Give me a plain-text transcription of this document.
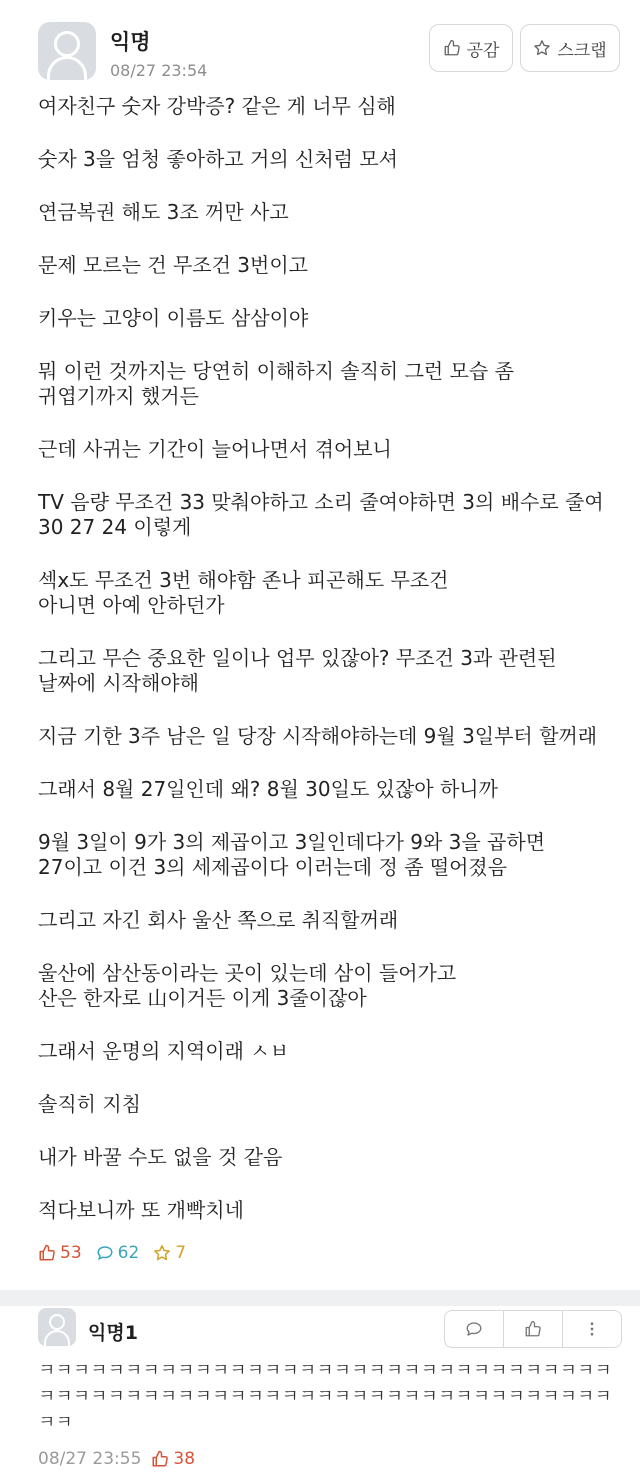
익명
08/27 23:54
공감	스크랩

여자친구 숫자 강박증? 같은 게 너무 심해

숫자 3을 엄청 좋아하고 거의 신처럼 모셔

연금복권 해도 3조 꺼만 사고

문제 모르는 건 무조건 3번이고

키우는 고양이 이름도 삼삼이야

뭐 이런 것까지는 당연히 이해하지 솔직히 그런 모습 좀
귀엽기까지 했거든

근데 사귀는 기간이 늘어나면서 겪어보니

TV 음량 무조건 33 맞춰야하고 소리 줄여야하면 3의 배수로 줄여
30 27 24 이렇게

섹x도 무조건 3번 해야함 존나 피곤해도 무조건
아니면 아예 안하던가

그리고 무슨 중요한 일이나 업무 있잖아? 무조건 3과 관련된
날짜에 시작해야해

지금 기한 3주 남은 일 당장 시작해야하는데 9월 3일부터 할꺼래

그래서 8월 27일인데 왜? 8월 30일도 있잖아 하니까

9월 3일이 9가 3의 제곱이고 3일인데다가 9와 3을 곱하면
27이고 이건 3의 세제곱이다 이러는데 정 좀 떨어졌음

그리고 자긴 회사 울산 쪽으로 취직할꺼래

울산에 삼산동이라는 곳이 있는데 삼이 들어가고
산은 한자로 山이거든 이게 3줄이잖아

그래서 운명의 지역이래 ㅅㅂ

솔직히 지침

내가 바꿀 수도 없을 것 같음

적다보니까 또 개빡치네

53 62 7
익명1
ㅋㅋㅋㅋㅋㅋㅋㅋㅋㅋㅋㅋㅋㅋㅋㅋㅋㅋㅋㅋㅋㅋㅋㅋㅋㅋㅋㅋㅋㅋㅋㅋㅋㅋㅋㅋㅋㅋㅋㅋㅋㅋㅋㅋㅋㅋㅋㅋㅋㅋㅋㅋㅋㅋㅋㅋㅋㅋㅋㅋㅋㅋㅋㅋㅋㅋㅋㅋ
08/27 23:55 38
